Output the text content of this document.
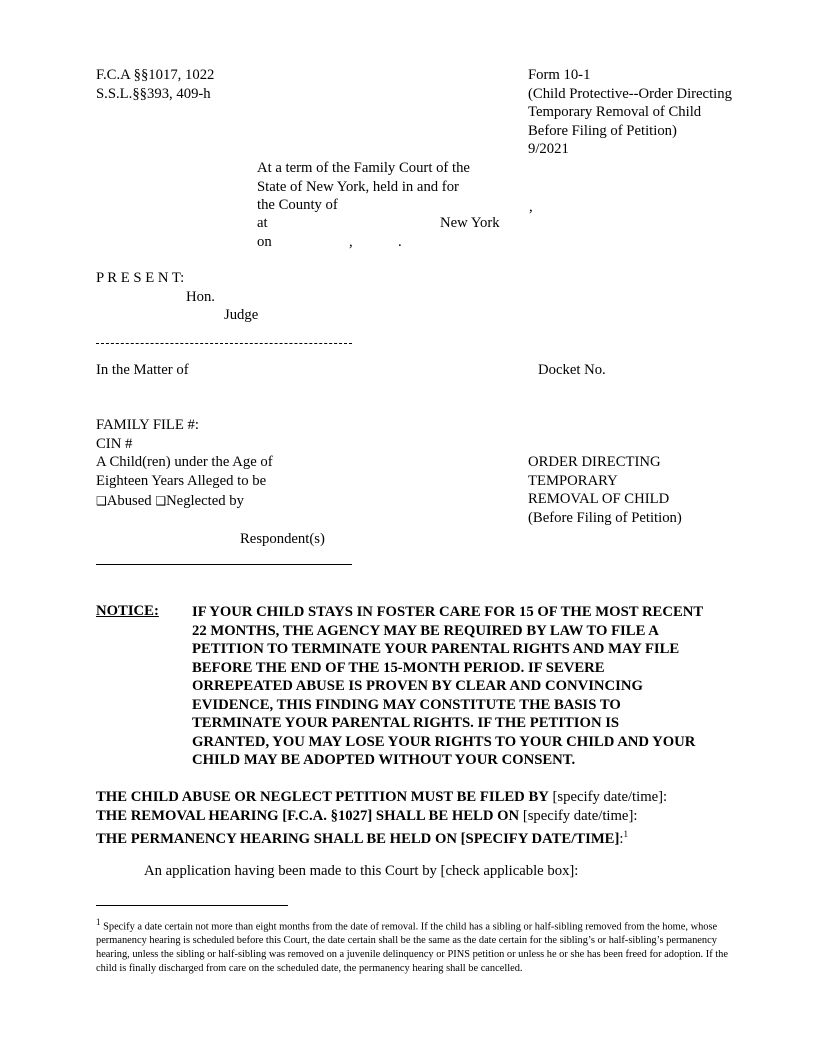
F.C.A §§1017, 1022
S.S.L.§§393, 409-h
Form 10-1
(Child Protective--Order Directing
Temporary Removal of Child
Before Filing of Petition)
9/2021
At a term of the Family Court of the
State of New York, held in and for
the County of	,
at	New York
on	,	.
P R E S E N T:
Hon.
Judge
In the Matter of	Docket No.
FAMILY FILE #:
CIN #
A Child(ren) under the Age of
Eighteen Years Alleged to be
❑Abused ❑Neglected by
Respondent(s)
ORDER DIRECTING
TEMPORARY
REMOVAL OF CHILD
(Before Filing of Petition)
NOTICE: IF YOUR CHILD STAYS IN FOSTER CARE FOR 15 OF THE MOST RECENT
22 MONTHS, THE AGENCY MAY BE REQUIRED BY LAW TO FILE A
PETITION TO TERMINATE YOUR PARENTAL RIGHTS AND MAY FILE
BEFORE THE END OF THE 15-MONTH PERIOD. IF SEVERE
ORREPEATED ABUSE IS PROVEN BY CLEAR AND CONVINCING
EVIDENCE, THIS FINDING MAY CONSTITUTE THE BASIS TO
TERMINATE YOUR PARENTAL RIGHTS. IF THE PETITION IS
GRANTED, YOU MAY LOSE YOUR RIGHTS TO YOUR CHILD AND YOUR
CHILD MAY BE ADOPTED WITHOUT YOUR CONSENT.
THE CHILD ABUSE OR NEGLECT PETITION MUST BE FILED BY [specify date/time]:
THE REMOVAL HEARING [F.C.A. §1027] SHALL BE HELD ON [specify date/time]:
THE PERMANENCY HEARING SHALL BE HELD ON [SPECIFY DATE/TIME]:$^1$
An application having been made to this Court by [check applicable box]:
$^1$ Specify a date certain not more than eight months from the date of removal. If the child has a sibling or half-sibling removed from the home, whose permanency hearing is scheduled before this Court, the date certain shall be the same as the date certain for the sibling’s or half-sibling’s permanency hearing, unless the sibling or half-sibling was removed on a juvenile delinquency or PINS petition or unless he or she has been freed for adoption. If the child is finally discharged from care on the scheduled date, the permanency hearing shall be cancelled.
